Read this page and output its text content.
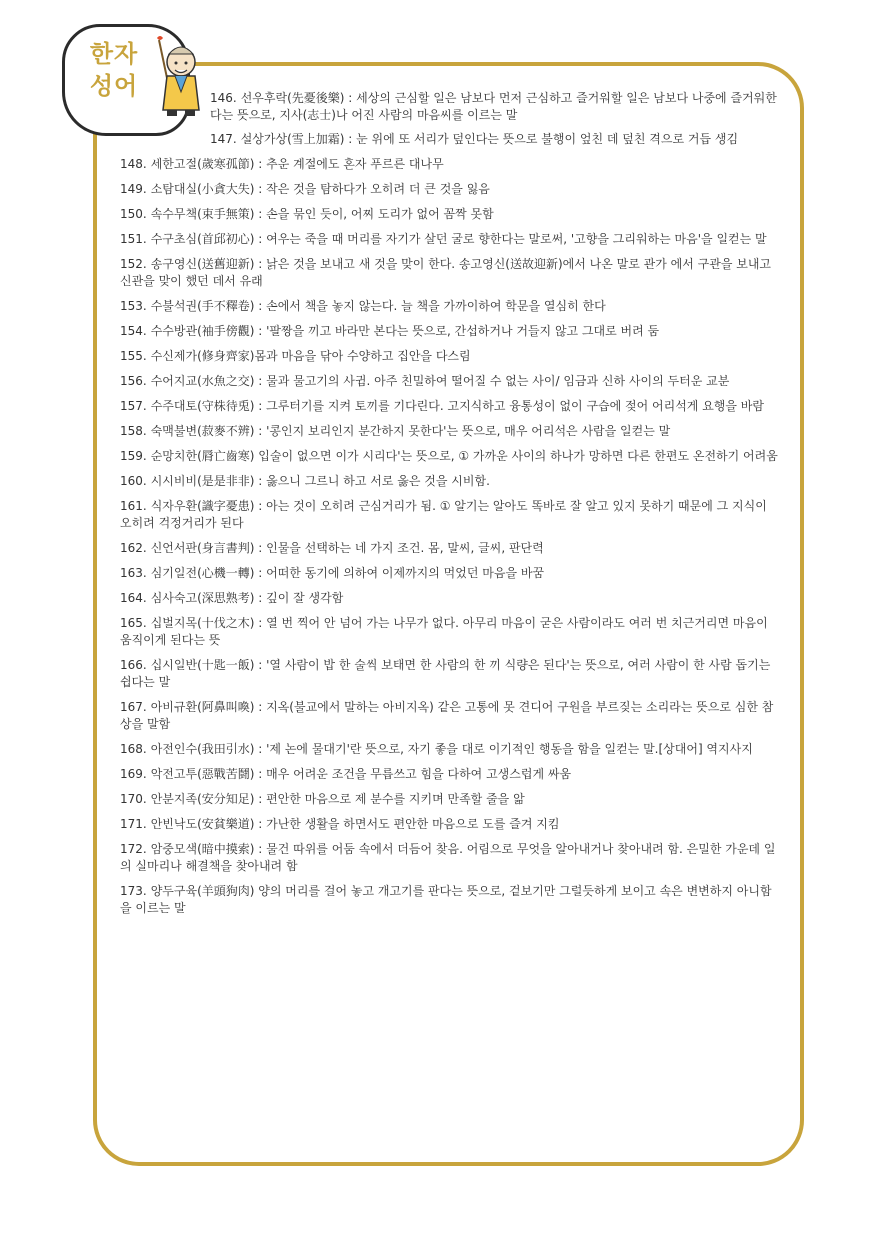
한자
성어	146. 선우후락(先憂後樂) : 세상의 근심할 일은 남보다 먼저 근심하고 즐거워할 일은 남보다 나중에 즐거워한다는 뜻으로, 지사(志士)나 어진 사람의 마음씨를 이르는 말

147. 설상가상(雪上加霜) : 눈 위에 또 서리가 덮인다는 뜻으로 불행이 엎친 데 덮친 격으로 거듭 생김

148. 세한고절(歲寒孤節) : 추운 계절에도 혼자 푸르른 대나무

149. 소탐대실(小貪大失) : 작은 것을 탐하다가 오히려 더 큰 것을 잃음

150. 속수무책(束手無策) : 손을 묶인 듯이, 어찌 도리가 없어 꼼짝 못함

151. 수구초심(首邱初心) : 여우는 죽을 때 머리를 자기가 살던 굴로 향한다는 말로써, '고향을 그리워하는 마음'을 일컫는 말

152. 송구영신(送舊迎新) : 낡은 것을 보내고 새 것을 맞이 한다. 송고영신(送故迎新)에서 나온 말로 관가 에서 구관을 보내고 신관을 맞이 했던 데서 유래

153. 수불석권(手不釋卷) : 손에서 책을 놓지 않는다. 늘 책을 가까이하여 학문을 열심히 한다

154. 수수방관(袖手傍觀) : '팔짱을 끼고 바라만 본다는 뜻으로, 간섭하거나 거들지 않고 그대로 버려 둠

155. 수신제가(修身齊家)몸과 마음을 닦아 수양하고 집안을 다스림

156. 수어지교(水魚之交) : 물과 물고기의 사귐. 아주 친밀하여 떨어질 수 없는 사이/ 임금과 신하 사이의 두터운 교분

157. 수주대토(守株待兎) : 그루터기를 지켜 토끼를 기다린다. 고지식하고 융통성이 없이 구습에 젖어 어리석게 요행을 바람

158. 숙맥불변(菽麥不辨) : '콩인지 보리인지 분간하지 못한다'는 뜻으로, 매우 어리석은 사람을 일컫는 말

159. 순망치한(脣亡齒寒) 입술이 없으면 이가 시리다'는 뜻으로, ① 가까운 사이의 하나가 망하면 다른 한편도 온전하기 어려움

160. 시시비비(是是非非) : 옳으니 그르니 하고 서로 옳은 것을 시비함.

161. 식자우환(識字憂患) : 아는 것이 오히려 근심거리가 됨. ① 알기는 알아도 똑바로 잘 알고 있지 못하기 때문에 그 지식이 오히려 걱정거리가 된다

162. 신언서판(身言書判) : 인물을 선택하는 네 가지 조건. 몸, 말씨, 글씨, 판단력

163. 심기일전(心機一轉) : 어떠한 동기에 의하여 이제까지의 먹었던 마음을 바꿈

164. 심사숙고(深思熟考) : 깊이 잘 생각함

165. 십벌지목(十伐之木) : 열 번 찍어 안 넘어 가는 나무가 없다. 아무리 마음이 굳은 사람이라도 여러 번 치근거리면 마음이 움직이게 된다는 뜻

166. 십시일반(十匙一飯) : '열 사람이 밥 한 술씩 보태면 한 사람의 한 끼 식량은 된다'는 뜻으로, 여러 사람이 한 사람 돕기는 쉽다는 말

167. 아비규환(阿鼻叫喚) : 지옥(불교에서 말하는 아비지옥) 같은 고통에 못 견디어 구원을 부르짖는 소리라는 뜻으로 심한 참상을 말함

168. 아전인수(我田引水) : '제 논에 물대기'란 뜻으로, 자기 좋을 대로 이기적인 행동을 함을 일컫는 말.[상대어] 역지사지

169. 악전고투(惡戰苦鬪) : 매우 어려운 조건을 무릅쓰고 힘을 다하여 고생스럽게 싸움

170. 안분지족(安分知足) : 편안한 마음으로 제 분수를 지키며 만족할 줄을 앎

171. 안빈낙도(安貧樂道) : 가난한 생활을 하면서도 편안한 마음으로 도를 즐겨 지킴

172. 암중모색(暗中摸索) : 물건 따위를 어둠 속에서 더듬어 찾음. 어림으로 무엇을 알아내거나 찾아내려 함. 은밀한 가운데 일의 실마리나 해결책을 찾아내려 함

173. 양두구육(羊頭狗肉) 양의 머리를 걸어 놓고 개고기를 판다는 뜻으로, 겉보기만 그럴듯하게 보이고 속은 변변하지 아니함을 이르는 말
